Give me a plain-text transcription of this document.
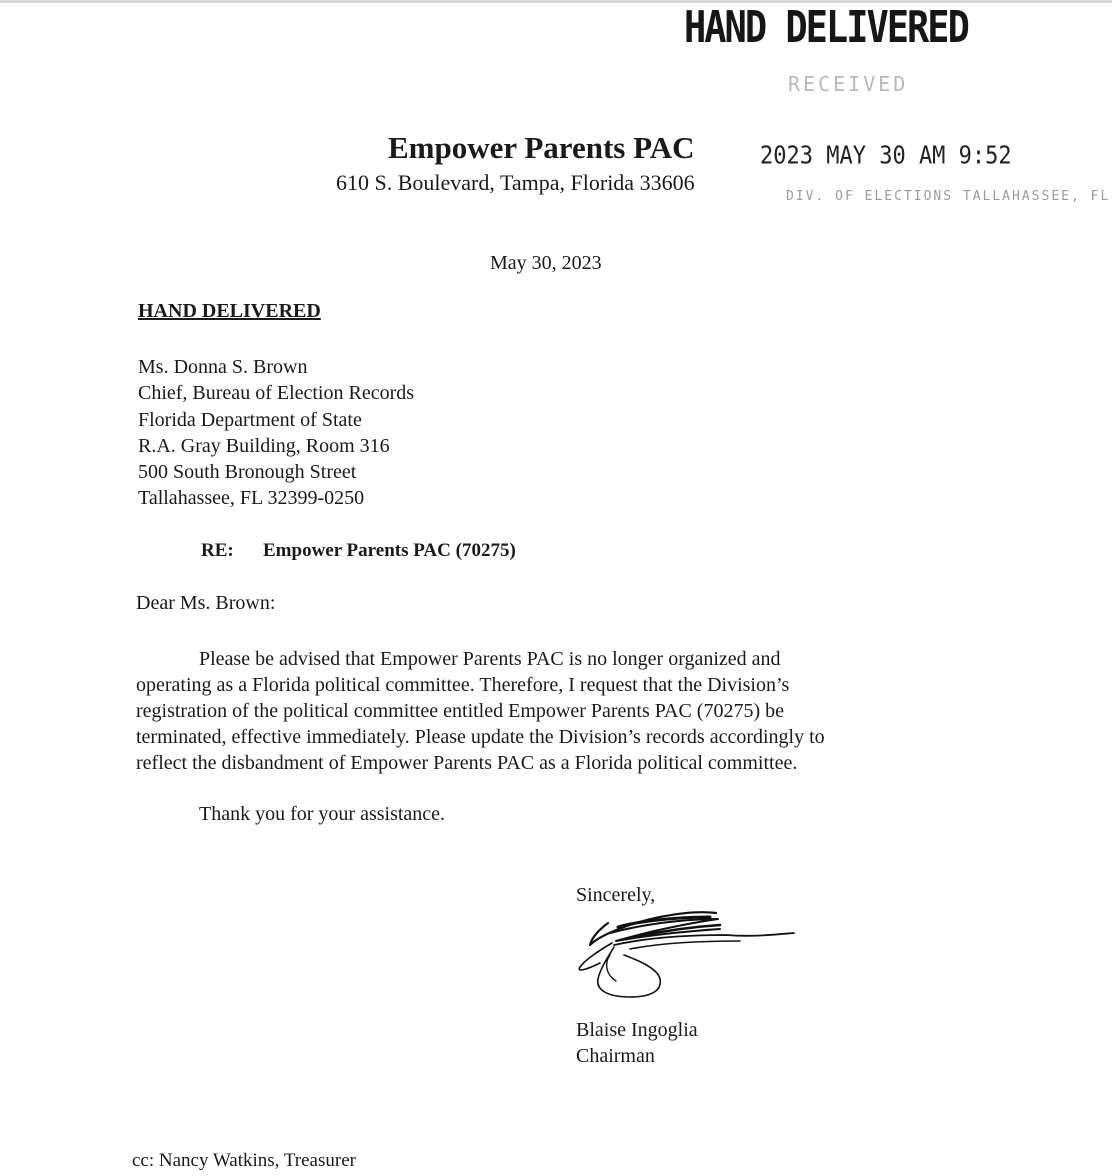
HAND DELIVERED
RECEIVED
2023 MAY 30 AM 9:52
DIV. OF ELECTIONS TALLAHASSEE, FL
Empower Parents PAC
610 S. Boulevard, Tampa, Florida 33606
May 30, 2023
HAND DELIVERED
Ms. Donna S. Brown
Chief, Bureau of Election Records
Florida Department of State
R.A. Gray Building, Room 316
500 South Bronough Street
Tallahassee, FL 32399-0250
RE: Empower Parents PAC (70275)
Dear Ms. Brown:
Please be advised that Empower Parents PAC is no longer organized and
operating as a Florida political committee. Therefore, I request that the Division’s
registration of the political committee entitled Empower Parents PAC (70275) be
terminated, effective immediately. Please update the Division’s records accordingly to
reflect the disbandment of Empower Parents PAC as a Florida political committee.
Thank you for your assistance.
Sincerely,
Blaise Ingoglia
Chairman
cc: Nancy Watkins, Treasurer
